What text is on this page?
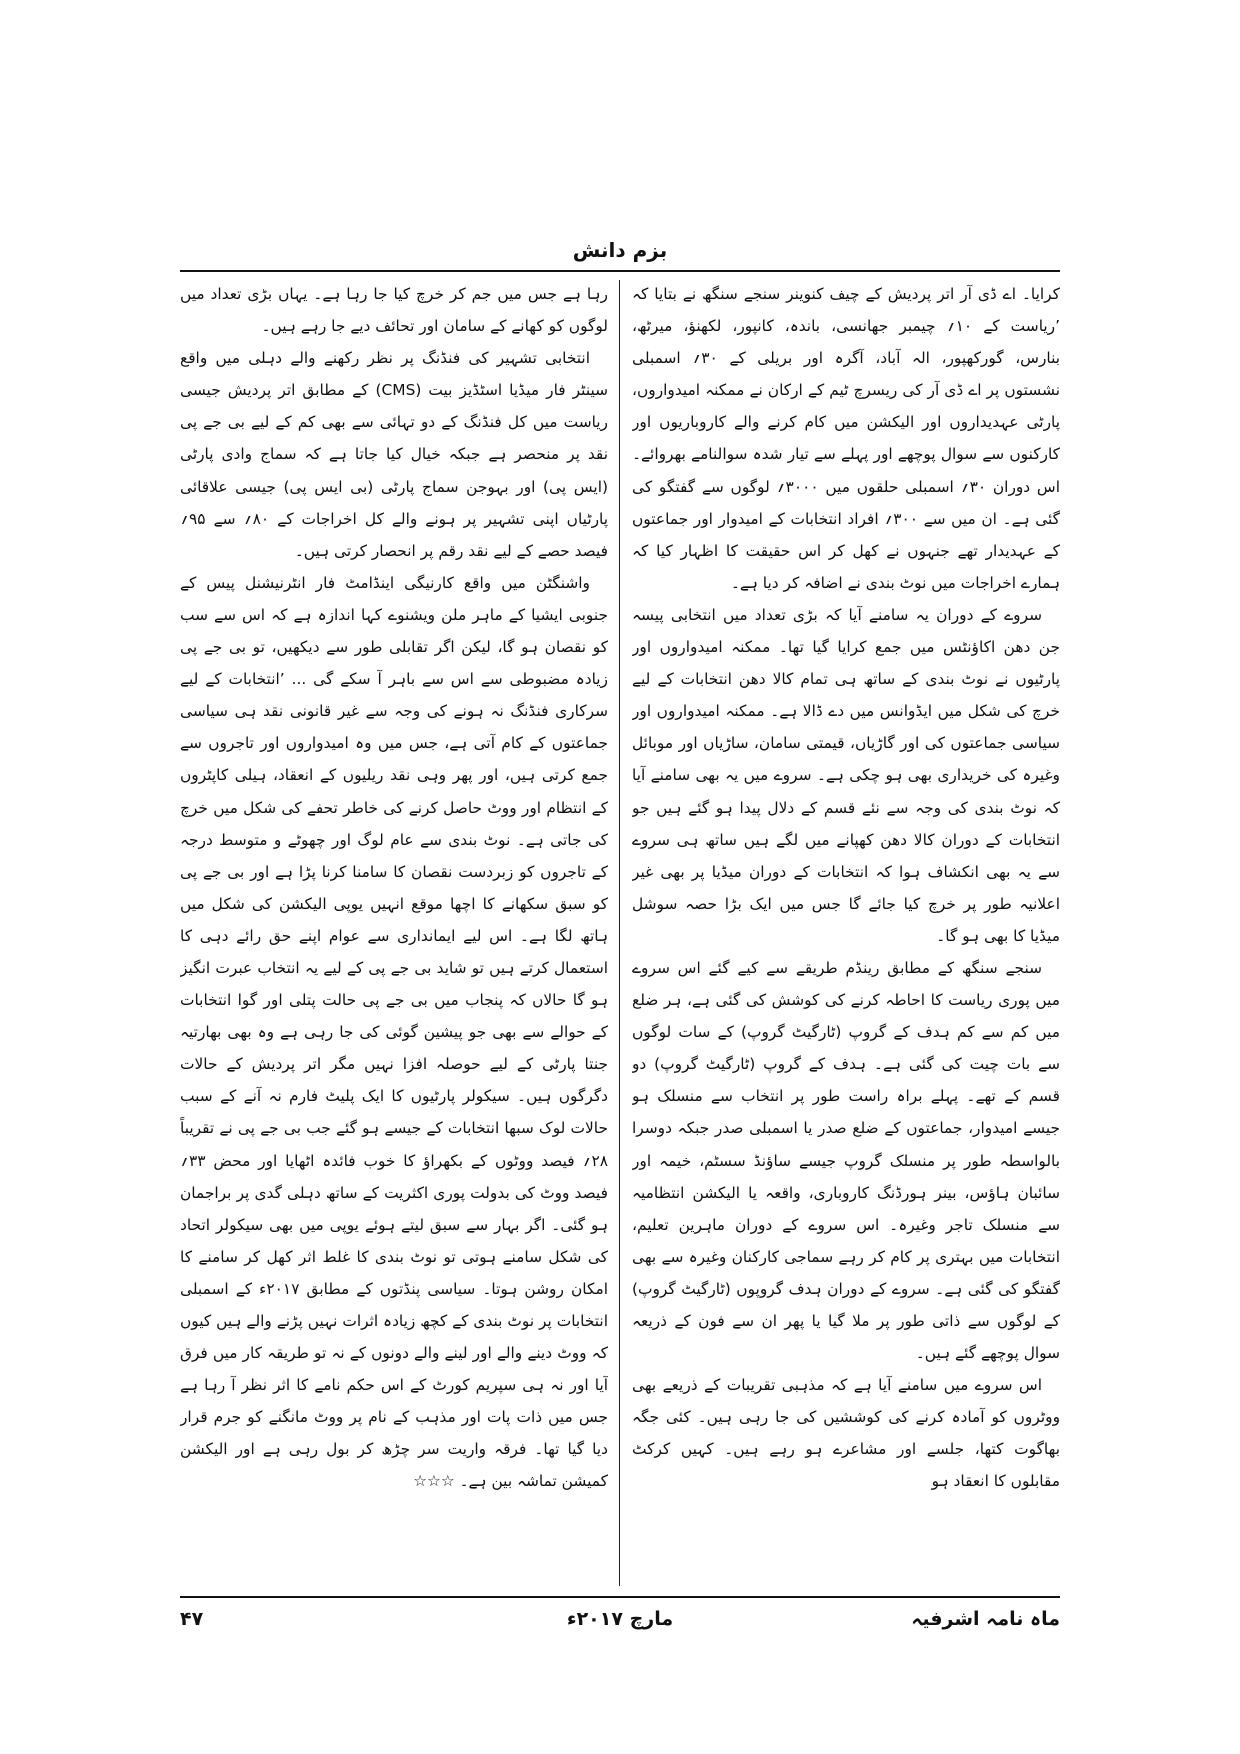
بزم دانش

کرایا۔ اے ڈی آر اتر پردیش کے چیف کنوینر سنجے سنگھ نے بتایا کہ ’ریاست کے ۱۰؍ چیمبر جھانسی، باندہ، کانپور، لکھنؤ، میرٹھ، بنارس، گورکھپور، الہ آباد، آگرہ اور بریلی کے ۳۰؍ اسمبلی نشستوں پر اے ڈی آر کی ریسرچ ٹیم کے ارکان نے ممکنہ امیدواروں، پارٹی عہدیداروں اور الیکشن میں کام کرنے والے کاروباریوں اور کارکنوں سے سوال پوچھے اور پہلے سے تیار شدہ سوالنامے بھروائے۔ اس دوران ۳۰؍ اسمبلی حلقوں میں ۳۰۰۰؍ لوگوں سے گفتگو کی گئی ہے۔ ان میں سے ۳۰۰؍ افراد انتخابات کے امیدوار اور جماعتوں کے عہدیدار تھے جنہوں نے کھل کر اس حقیقت کا اظہار کیا کہ ہمارے اخراجات میں نوٹ بندی نے اضافہ کر دیا ہے۔

سروے کے دوران یہ سامنے آیا کہ بڑی تعداد میں انتخابی پیسہ جن دھن اکاؤنٹس میں جمع کرایا گیا تھا۔ ممکنہ امیدواروں اور پارٹیوں نے نوٹ بندی کے ساتھ ہی تمام کالا دھن انتخابات کے لیے خرچ کی شکل میں ایڈوانس میں دے ڈالا ہے۔ ممکنہ امیدواروں اور سیاسی جماعتوں کی اور گاڑیاں، قیمتی سامان، ساڑیاں اور موبائل وغیرہ کی خریداری بھی ہو چکی ہے۔ سروے میں یہ بھی سامنے آیا کہ نوٹ بندی کی وجہ سے نئے قسم کے دلال پیدا ہو گئے ہیں جو انتخابات کے دوران کالا دھن کھپانے میں لگے ہیں ساتھ ہی سروے سے یہ بھی انکشاف ہوا کہ انتخابات کے دوران میڈیا پر بھی غیر اعلانیہ طور پر خرچ کیا جائے گا جس میں ایک بڑا حصہ سوشل میڈیا کا بھی ہو گا۔

سنجے سنگھ کے مطابق رینڈم طریقے سے کیے گئے اس سروے میں پوری ریاست کا احاطہ کرنے کی کوشش کی گئی ہے، ہر ضلع میں کم سے کم ہدف کے گروپ (ٹارگیٹ گروپ) کے سات لوگوں سے بات چیت کی گئی ہے۔ ہدف کے گروپ (ٹارگیٹ گروپ) دو قسم کے تھے۔ پہلے براہ راست طور پر انتخاب سے منسلک ہو جیسے امیدوار، جماعتوں کے ضلع صدر یا اسمبلی صدر جبکہ دوسرا بالواسطہ طور پر منسلک گروپ جیسے ساؤنڈ سسٹم، خیمہ اور سائبان ہاؤس، بینر ہورڈنگ کاروباری، واقعہ یا الیکشن انتظامیہ سے منسلک تاجر وغیرہ۔ اس سروے کے دوران ماہرین تعلیم، انتخابات میں بہتری پر کام کر رہے سماجی کارکنان وغیرہ سے بھی گفتگو کی گئی ہے۔ سروے کے دوران ہدف گروپوں (ٹارگیٹ گروپ) کے لوگوں سے ذاتی طور پر ملا گیا یا پھر ان سے فون کے ذریعہ سوال پوچھے گئے ہیں۔

اس سروے میں سامنے آیا ہے کہ مذہبی تقریبات کے ذریعے بھی ووٹروں کو آمادہ کرنے کی کوششیں کی جا رہی ہیں۔ کئی جگہ بھاگوت کتھا، جلسے اور مشاعرے ہو رہے ہیں۔ کہیں کرکٹ مقابلوں کا انعقاد ہو

رہا ہے جس میں جم کر خرچ کیا جا رہا ہے۔ یہاں بڑی تعداد میں لوگوں کو کھانے کے سامان اور تحائف دیے جا رہے ہیں۔

انتخابی تشہیر کی فنڈنگ پر نظر رکھنے والے دہلی میں واقع سینٹر فار میڈیا اسٹڈیز بیت (CMS) کے مطابق اتر پردیش جیسی ریاست میں کل فنڈنگ کے دو تہائی سے بھی کم کے لیے بی جے پی نقد پر منحصر ہے جبکہ خیال کیا جاتا ہے کہ سماج وادی پارٹی (ایس پی) اور بہوجن سماج پارٹی (بی ایس پی) جیسی علاقائی پارٹیاں اپنی تشہیر پر ہونے والے کل اخراجات کے ۸۰؍ سے ۹۵؍ فیصد حصے کے لیے نقد رقم پر انحصار کرتی ہیں۔

واشنگٹن میں واقع کارنیگی اینڈامٹ فار انٹرنیشنل پیس کے جنوبی ایشیا کے ماہر ملن ویشنوے کہا اندازہ ہے کہ اس سے سب کو نقصان ہو گا، لیکن اگر تقابلی طور سے دیکھیں، تو بی جے پی زیادہ مضبوطی سے اس سے باہر آ سکے گی ... ’انتخابات کے لیے سرکاری فنڈنگ نہ ہونے کی وجہ سے غیر قانونی نقد ہی سیاسی جماعتوں کے کام آتی ہے، جس میں وہ امیدواروں اور تاجروں سے جمع کرتی ہیں، اور پھر وہی نقد ریلیوں کے انعقاد، ہیلی کاپٹروں کے انتظام اور ووٹ حاصل کرنے کی خاطر تحفے کی شکل میں خرچ کی جاتی ہے۔ نوٹ بندی سے عام لوگ اور چھوٹے و متوسط درجہ کے تاجروں کو زبردست نقصان کا سامنا کرنا پڑا ہے اور بی جے پی کو سبق سکھانے کا اچھا موقع انہیں یوپی الیکشن کی شکل میں ہاتھ لگا ہے۔ اس لیے ایمانداری سے عوام اپنے حق رائے دہی کا استعمال کرتے ہیں تو شاید بی جے پی کے لیے یہ انتخاب عبرت انگیز ہو گا حالاں کہ پنجاب میں بی جے پی حالت پتلی اور گوا انتخابات کے حوالے سے بھی جو پیشین گوئی کی جا رہی ہے وہ بھی بھارتیہ جنتا پارٹی کے لیے حوصلہ افزا نہیں مگر اتر پردیش کے حالات دگرگوں ہیں۔ سیکولر پارٹیوں کا ایک پلیٹ فارم نہ آنے کے سبب حالات لوک سبھا انتخابات کے جیسے ہو گئے جب بی جے پی نے تقریباً ۲۸؍ فیصد ووٹوں کے بکھراؤ کا خوب فائدہ اٹھایا اور محض ۳۳؍ فیصد ووٹ کی بدولت پوری اکثریت کے ساتھ دہلی گدی پر براجمان ہو گئی۔ اگر بہار سے سبق لیتے ہوئے یوپی میں بھی سیکولر اتحاد کی شکل سامنے ہوتی تو نوٹ بندی کا غلط اثر کھل کر سامنے کا امکان روشن ہوتا۔ سیاسی پنڈتوں کے مطابق ۲۰۱۷ء کے اسمبلی انتخابات پر نوٹ بندی کے کچھ زیادہ اثرات نہیں پڑنے والے ہیں کیوں کہ ووٹ دینے والے اور لینے والے دونوں کے نہ تو طریقہ کار میں فرق آیا اور نہ ہی سپریم کورٹ کے اس حکم نامے کا اثر نظر آ رہا ہے جس میں ذات پات اور مذہب کے نام پر ووٹ مانگنے کو جرم قرار دیا گیا تھا۔ فرقہ واریت سر چڑھ کر بول رہی ہے اور الیکشن کمیشن تماشہ بین ہے۔ ☆☆☆

ماہ نامہ اشرفیہ
مارچ ۲۰۱۷ء
۴۷
